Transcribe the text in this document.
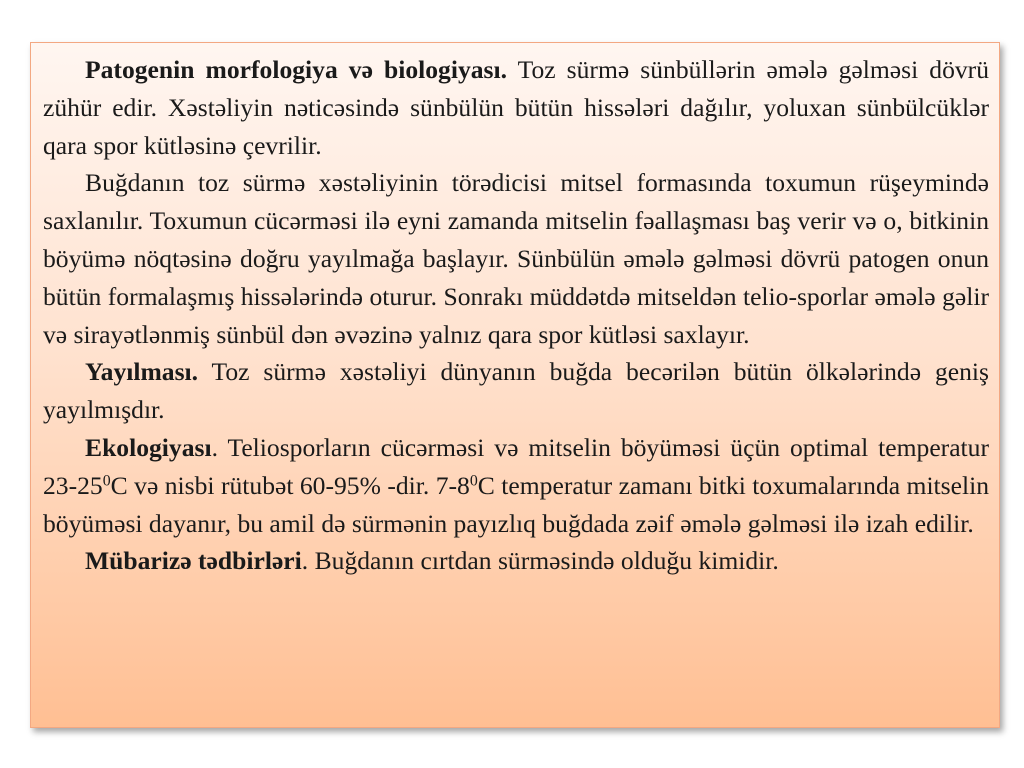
Patogenin morfologiya və biologiyası. Toz sürmə sünbüllərin əmələ gəlməsi dövrü zühür edir. Xəstəliyin nəticəsində sünbülün bütün hissələri dağılır, yoluxan sünbülcüklər qara spor kütləsinə çevrilir.

Buğdanın toz sürmə xəstəliyinin törədicisi mitsel formasında toxumun rüşeymində saxlanılır. Toxumun cücərməsi ilə eyni zamanda mitselin fəallaşması baş verir və o, bitkinin böyümə nöqtəsinə doğru yayılmağa başlayır. Sünbülün əmələ gəlməsi dövrü patogen onun bütün formalaşmış hissələrində oturur. Sonrakı müddətdə mitseldən telio-sporlar əmələ gəlir və sirayətlənmiş sünbül dən əvəzinə yalnız qara spor kütləsi saxlayır.

Yayılması. Toz sürmə xəstəliyi dünyanın buğda becərilən bütün ölkələrində geniş yayılmışdır.

Ekologiyası. Teliosporların cücərməsi və mitselin böyüməsi üçün optimal temperatur $23-25^0C$ və nisbi rütubət 60-95% -dir. $7-8^0C$ temperatur zamanı bitki toxumalarında mitselin böyüməsi dayanır, bu amil də sürmənin payızlıq buğdada zəif əmələ gəlməsi ilə izah edilir.

Mübarizə tədbirləri. Buğdanın cırtdan sürməsində olduğu kimidir.
